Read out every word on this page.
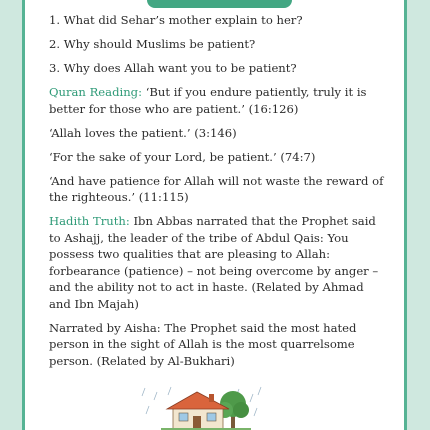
1. What did Sehar’s mother explain to her?

2. Why should Muslims be patient?

3. Why does Allah want you to be patient?

Quran Reading: ‘But if you endure patiently, truly it is better for those who are patient.’ (16:126)

‘Allah loves the patient.’ (3:146)

‘For the sake of your Lord, be patient.’ (74:7)

‘And have patience for Allah will not waste the reward of the righteous.’ (11:115)

Hadith Truth: Ibn Abbas narrated that the Prophet said to Ashajj, the leader of the tribe of Abdul Qais: You possess two qualities that are pleasing to Allah: forbearance (patience) – not being overcome by anger – and the ability not to act in haste. (Related by Ahmad and Ibn Majah)

Narrated by Aisha: The Prophet said the most hated person in the sight of Allah is the most quarrelsome person. (Related by Al-Bukhari)
